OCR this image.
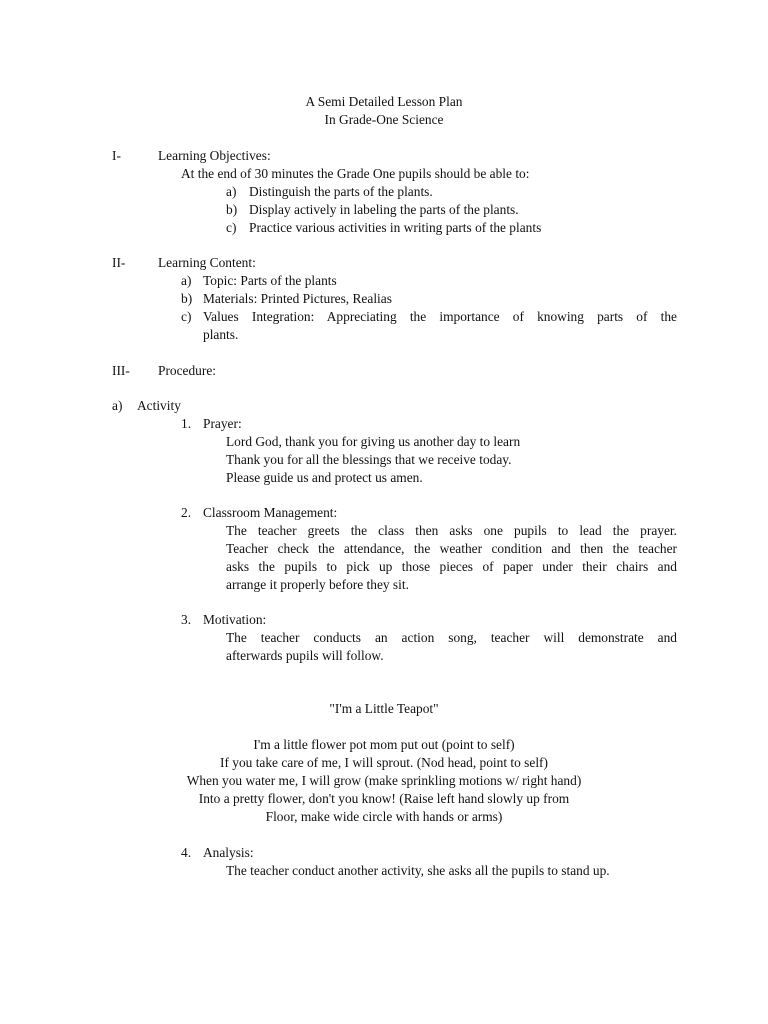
A Semi Detailed Lesson Plan
In Grade-One Science
I-	Learning Objectives:
At the end of 30 minutes the Grade One pupils should be able to:
a) Distinguish the parts of the plants.
b) Display actively in labeling the parts of the plants.
c) Practice various activities in writing parts of the plants
II- Learning Content:
a) Topic: Parts of the plants
b) Materials: Printed Pictures, Realias
c) Values Integration: Appreciating the importance of knowing parts of the
plants.
III- Procedure:
a) Activity
1. Prayer:
Lord God, thank you for giving us another day to learn
Thank you for all the blessings that we receive today.
Please guide us and protect us amen.
2. Classroom Management:
The teacher greets the class then asks one pupils to lead the prayer.
Teacher check the attendance, the weather condition and then the teacher
asks the pupils to pick up those pieces of paper under their chairs and
arrange it properly before they sit.
3. Motivation:
The teacher conducts an action song, teacher will demonstrate and
afterwards pupils will follow.
"I'm a Little Teapot"
I'm a little flower pot mom put out (point to self)
If you take care of me, I will sprout. (Nod head, point to self)
When you water me, I will grow (make sprinkling motions w/ right hand)
Into a pretty flower, don't you know! (Raise left hand slowly up from
Floor, make wide circle with hands or arms)
4. Analysis:
The teacher conduct another activity, she asks all the pupils to stand up.
